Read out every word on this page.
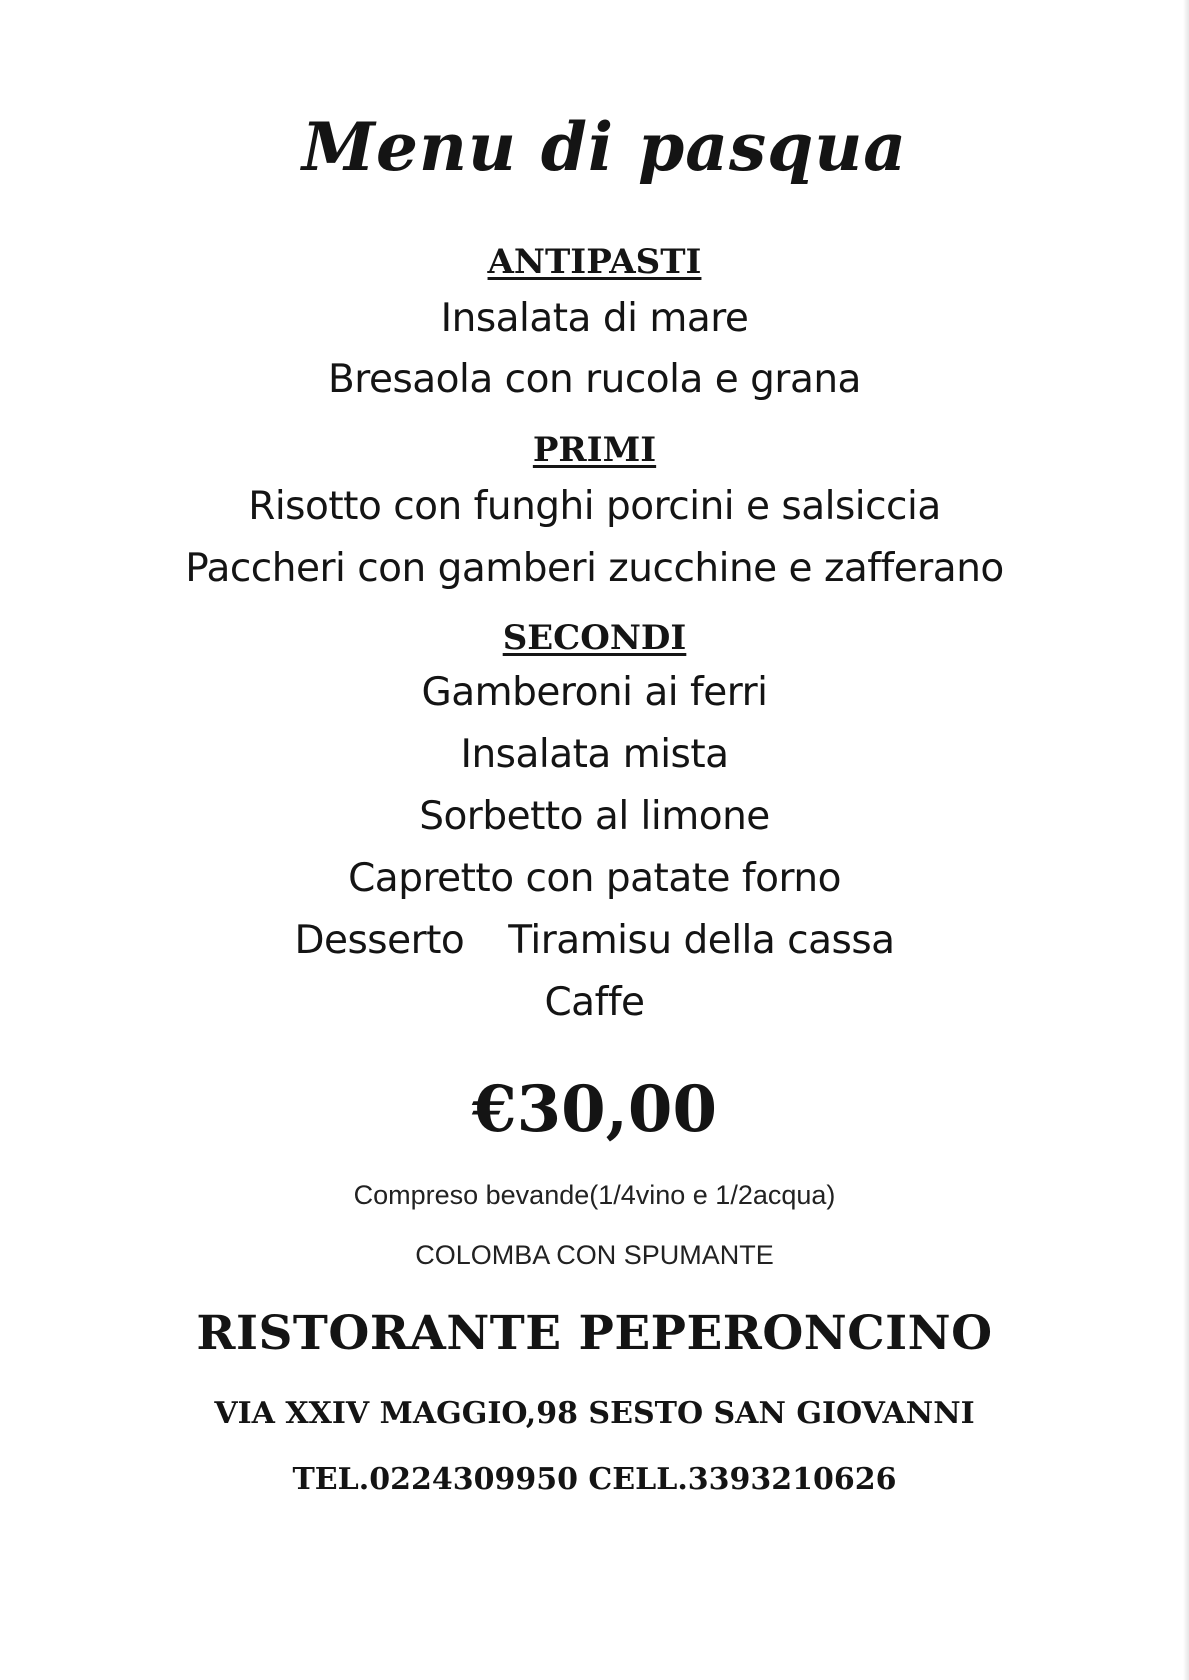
Menu di pasqua
ANTIPASTI
Insalata di mare
Bresaola con rucola e grana
PRIMI
Risotto con funghi porcini e salsiccia
Paccheri con gamberi zucchine e zafferano
SECONDI
Gamberoni ai ferri
Insalata mista
Sorbetto al limone
Capretto con patate forno
Desserto Tiramisu della cassa
Caffe
€30,00
Compreso bevande(1/4vino e 1/2acqua)
COLOMBA CON SPUMANTE
RISTORANTE PEPERONCINO
VIA XXIV MAGGIO,98 SESTO SAN GIOVANNI
TEL.0224309950 CELL.3393210626
